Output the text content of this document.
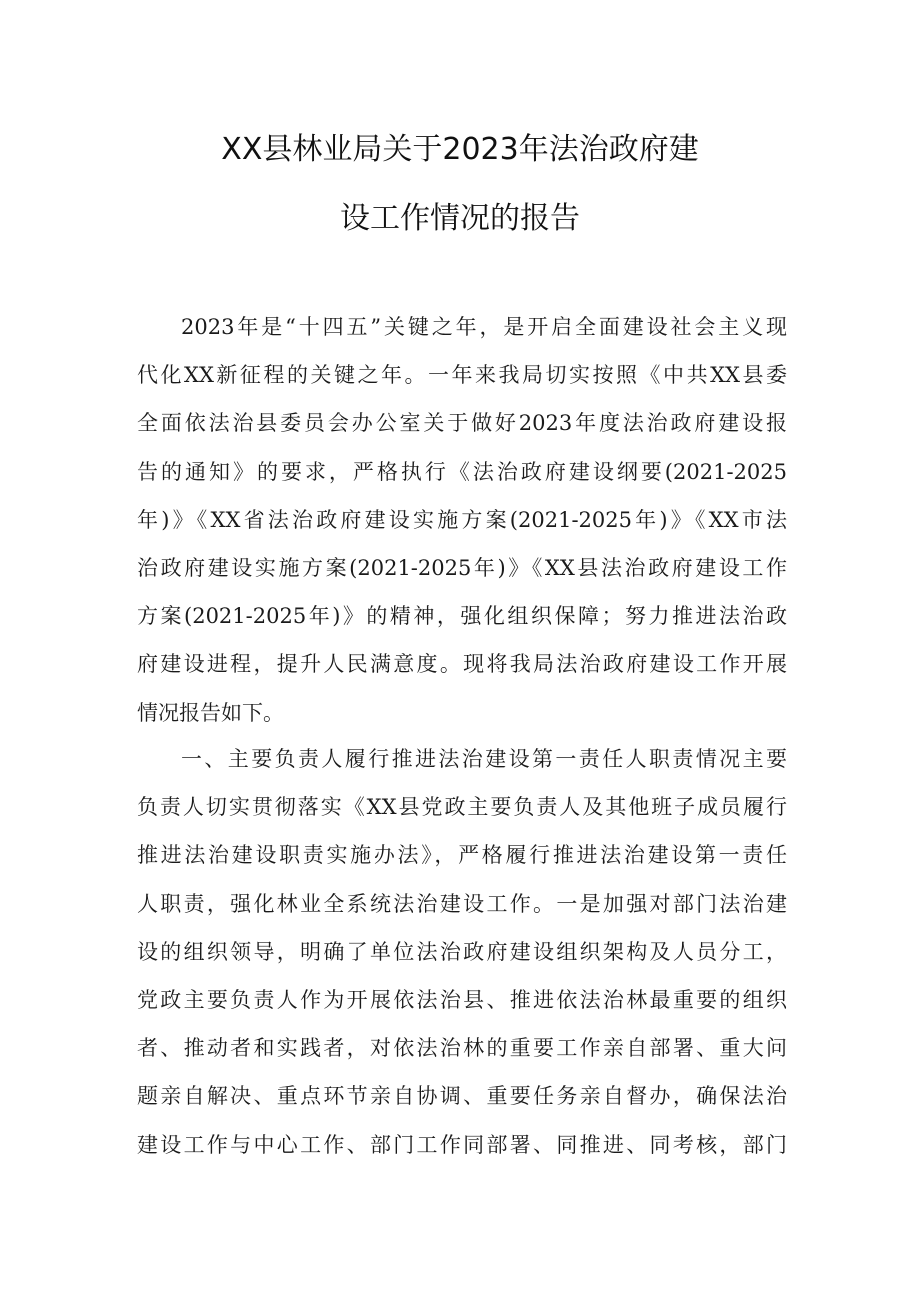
XX县林业局关于2023年法治政府建
设工作情况的报告
2023年是“十四五”关键之年，是开启全面建设社会主义现
代化XX新征程的关键之年。一年来我局切实按照《中共XX县委
全面依法治县委员会办公室关于做好2023年度法治政府建设报
告的通知》的要求，严格执行《法治政府建设纲要(2021-2025
年)》《XX省法治政府建设实施方案(2021-2025年)》《XX市法
治政府建设实施方案(2021-2025年)》《XX县法治政府建设工作
方案(2021-2025年)》的精神，强化组织保障；努力推进法治政
府建设进程，提升人民满意度。现将我局法治政府建设工作开展
情况报告如下。
一、主要负责人履行推进法治建设第一责任人职责情况主要
负责人切实贯彻落实《XX县党政主要负责人及其他班子成员履行
推进法治建设职责实施办法》，严格履行推进法治建设第一责任
人职责，强化林业全系统法治建设工作。一是加强对部门法治建
设的组织领导，明确了单位法治政府建设组织架构及人员分工，
党政主要负责人作为开展依法治县、推进依法治林最重要的组织
者、推动者和实践者，对依法治林的重要工作亲自部署、重大问
题亲自解决、重点环节亲自协调、重要任务亲自督办，确保法治
建设工作与中心工作、部门工作同部署、同推进、同考核，部门
